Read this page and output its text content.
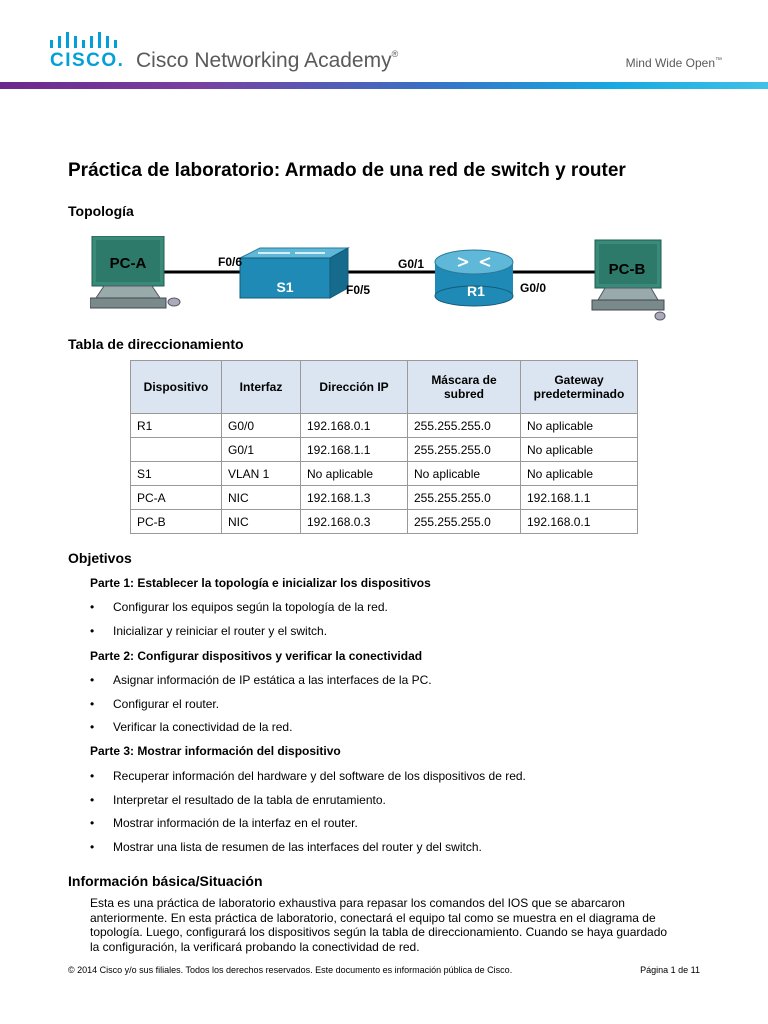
CISCO. Cisco Networking Academy®
Mind Wide Open™
Práctica de laboratorio: Armado de una red de switch y router
Topología
PC-A
S1	R1
PC-B
F0/6
F0/5
G0/1
G0/0
Tabla de direccionamiento
Dispositivo	Interfaz	Dirección IP	Máscara de subred	Gateway predeterminado
R1	G0/0	192.168.0.1	255.255.255.0	No aplicable
	G0/1	192.168.1.1	255.255.255.0	No aplicable
S1	VLAN 1	No aplicable	No aplicable	No aplicable
PC-A	NIC	192.168.1.3	255.255.255.0	192.168.1.1
PC-B	NIC	192.168.0.3	255.255.255.0	192.168.0.1
Objetivos

Parte 1: Establecer la topología e inicializar los dispositivos

• Configurar los equipos según la topología de la red.
• Inicializar y reiniciar el router y el switch.

Parte 2: Configurar dispositivos y verificar la conectividad

• Asignar información de IP estática a las interfaces de la PC.
• Configurar el router.
• Verificar la conectividad de la red.

Parte 3: Mostrar información del dispositivo

• Recuperar información del hardware y del software de los dispositivos de red.
• Interpretar el resultado de la tabla de enrutamiento.
• Mostrar información de la interfaz en el router.
• Mostrar una lista de resumen de las interfaces del router y del switch.
Información básica/Situación
Esta es una práctica de laboratorio exhaustiva para repasar los comandos del IOS que se abarcaron
anteriormente. En esta práctica de laboratorio, conectará el equipo tal como se muestra en el diagrama de
topología. Luego, configurará los dispositivos según la tabla de direccionamiento. Cuando se haya guardado
la configuración, la verificará probando la conectividad de red.
© 2014 Cisco y/o sus filiales. Todos los derechos reservados. Este documento es información pública de Cisco.	Página 1 de 11
